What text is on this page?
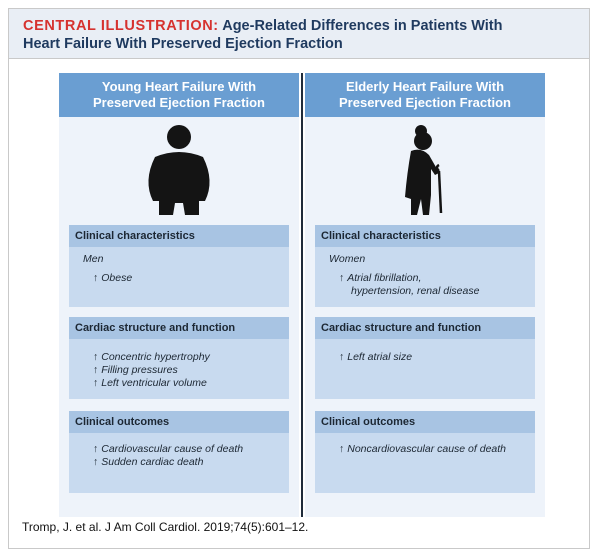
CENTRAL ILLUSTRATION: Age-Related Differences in Patients With
Heart Failure With Preserved Ejection Fraction
Young Heart Failure With
Preserved Ejection Fraction
Clinical characteristics
Men
↑ Obese
Cardiac structure and function
↑ Concentric hypertrophy
↑ Filling pressures
↑ Left ventricular volume
Clinical outcomes
↑ Cardiovascular cause of death
↑ Sudden cardiac death
Elderly Heart Failure With
Preserved Ejection Fraction
Clinical characteristics
Women
↑ Atrial fibrillation,
hypertension, renal disease
Cardiac structure and function
↑ Left atrial size
Clinical outcomes
↑ Noncardiovascular cause of death
Tromp, J. et al. J Am Coll Cardiol. 2019;74(5):601–12.
